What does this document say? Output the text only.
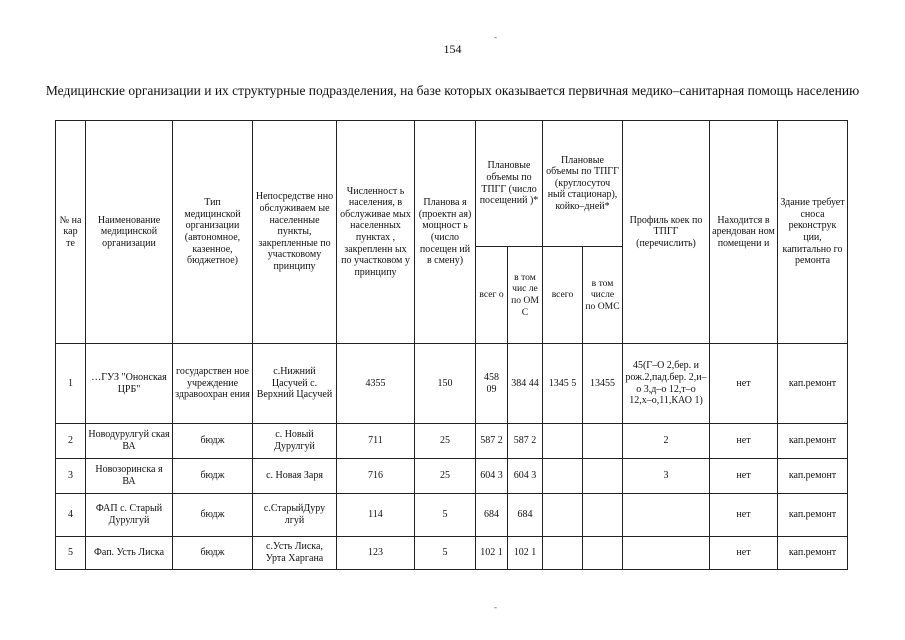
154
Медицинские организации и их структурные подразделения, на базе которых оказывается первичная медико–санитарная помощь населению
-
-
№ на кар те	Наименование медицинской организации	Тип медицинской организации (автономное, казенное, бюджетное)	Непосредстве нно обслуживаем ые населенные пункты, закрепленные по участковому принципу	Численност ь населения, в обслуживае мых населенных пунктах , закрепленн ых по участковом у принципу	Планова я (проектн ая) мощност ь (число посещен ий в смену)	Плановые объемы по ТПГГ (число посещений )*		Плановые объемы по ТПГГ (круглосуточ ный стационар), койко–дней*		Профиль коек по ТПГГ (перечислить)	Находится в арендован ном помещени и	Здание требует сноса реконструк ции, капитально го ремонта
						всег о	в том чис ле по ОМ С	всего	в том числе по ОМС			
1	…ГУЗ "Ононская ЦРБ"	государствен ное учреждение здравоохран ения	с.Нижний Цасучей с. Верхний Цасучей	4355	150	458 09	384 44	1345 5	13455	45(Г–О 2,бер. и рож.2,пад.бер. 2,и–о 3,д–о 12,т–о 12,х–о,11,КАО 1)	нет	кап.ремонт
2	Новодурулгуй ская ВА	бюдж	с. Новый Дурулгуй	711	25	587 2	587 2			2	нет	кап.ремонт
3	Новозоринска я ВА	бюдж	с. Новая Заря	716	25	604 3	604 3			3	нет	кап.ремонт
4	ФАП с. Старый Дурулгуй	бюдж	с.СтарыйДуру лгуй	114	5	684	684				нет	кап.ремонт
5	Фап. Усть Лиска	бюдж	с.Усть Лиска, Урта Харгана	123	5	102 1	102 1				нет	кап.ремонт
